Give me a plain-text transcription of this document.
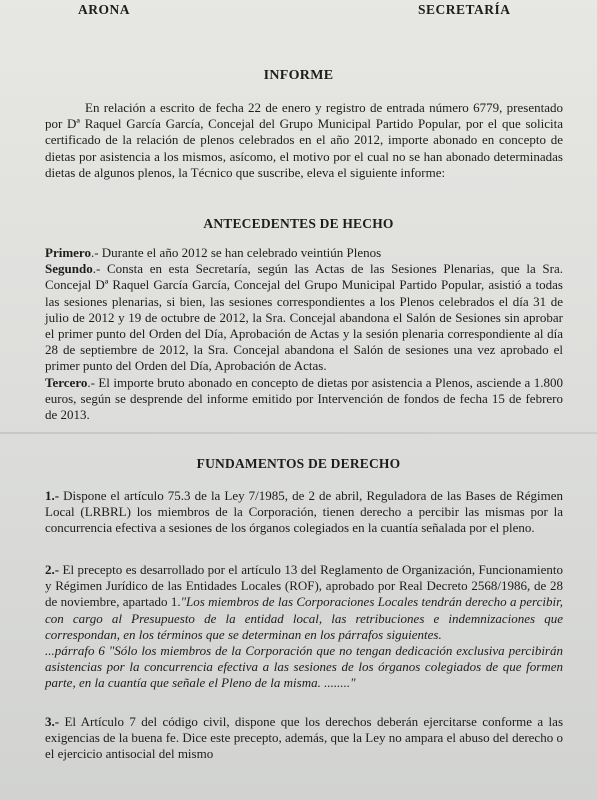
ARONA	SECRETARÍA
INFORME

En relación a escrito de fecha 22 de enero y registro de entrada número 6779, presentado por Dª Raquel García García, Concejal del Grupo Municipal Partido Popular, por el que solicita certificado de la relación de plenos celebrados en el año 2012, importe abonado en concepto de dietas por asistencia a los mismos, asícomo, el motivo por el cual no se han abonado determinadas dietas de algunos plenos, la Técnico que suscribe, eleva el siguiente informe:

ANTECEDENTES DE HECHO

Primero.- Durante el año 2012 se han celebrado veintiún Plenos

Segundo.- Consta en esta Secretaría, según las Actas de las Sesiones Plenarias, que la Sra. Concejal Dª Raquel García García, Concejal del Grupo Municipal Partido Popular, asistió a todas las sesiones plenarias, si bien, las sesiones correspondientes a los Plenos celebrados el día 31 de julio de 2012 y 19 de octubre de 2012, la Sra. Concejal abandona el Salón de Sesiones sin aprobar el primer punto del Orden del Día, Aprobación de Actas y la sesión plenaria correspondiente al día 28 de septiembre de 2012, la Sra. Concejal abandona el Salón de sesiones una vez aprobado el primer punto del Orden del Día, Aprobación de Actas.

Tercero.- El importe bruto abonado en concepto de dietas por asistencia a Plenos, asciende a 1.800 euros, según se desprende del informe emitido por Intervención de fondos de fecha 15 de febrero de 2013.

FUNDAMENTOS DE DERECHO

1.- Dispone el artículo 75.3 de la Ley 7/1985, de 2 de abril, Reguladora de las Bases de Régimen Local (LRBRL) los miembros de la Corporación, tienen derecho a percibir las mismas por la concurrencia efectiva a sesiones de los órganos colegiados en la cuantía señalada por el pleno.

2.- El precepto es desarrollado por el artículo 13 del Reglamento de Organización, Funcionamiento y Régimen Jurídico de las Entidades Locales (ROF), aprobado por Real Decreto 2568/1986, de 28 de noviembre, apartado 1."Los miembros de las Corporaciones Locales tendrán derecho a percibir, con cargo al Presupuesto de la entidad local, las retribuciones e indemnizaciones que correspondan, en los términos que se determinan en los párrafos siguientes.

...párrafo 6 "Sólo los miembros de la Corporación que no tengan dedicación exclusiva percibirán asistencias por la concurrencia efectiva a las sesiones de los órganos colegiados de que formen parte, en la cuantía que señale el Pleno de la misma. ........"

3.- El Artículo 7 del código civil, dispone que los derechos deberán ejercitarse conforme a las exigencias de la buena fe. Dice este precepto, además, que la Ley no ampara el abuso del derecho o el ejercicio antisocial del mismo
